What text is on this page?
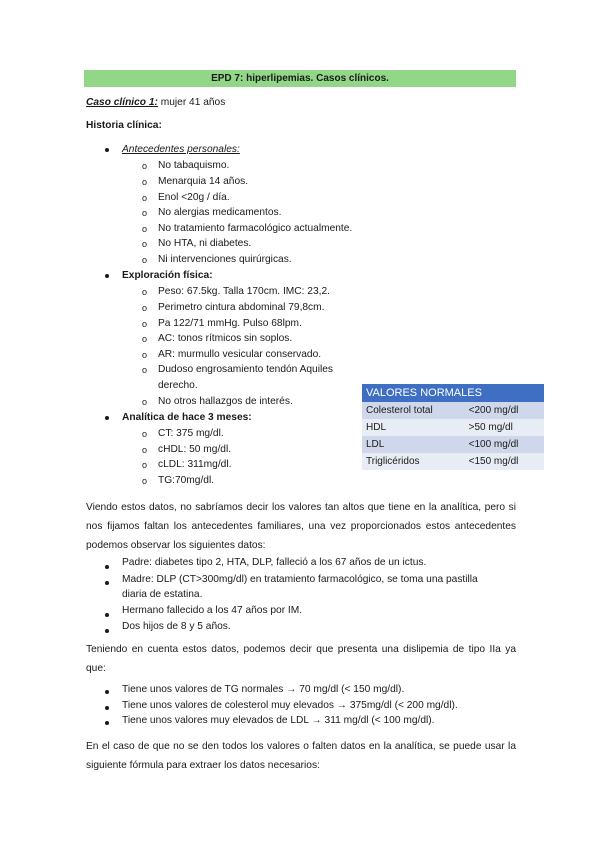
EPD 7: hiperlipemias. Casos clínicos.
Caso clínico 1: mujer 41 años
Historia clínica:
Antecedentes personales:
o No tabaquismo.
o Menarquia 14 años.
o Enol <20g / día.
o No alergias medicamentos.
o No tratamiento farmacológico actualmente.
o No HTA, ni diabetes.
o Ni intervenciones quirúrgicas.
Exploración física:
o Peso: 67.5kg. Talla 170cm. IMC: 23,2.
o Perimetro cintura abdominal 79,8cm.
o Pa 122/71 mmHg. Pulso 68lpm.
o AC: tonos rítmicos sin soplos.
o AR: murmullo vesicular conservado.
o Dudoso engrosamiento tendón Aquiles
derecho.
o No otros hallazgos de interés.
Analítica de hace 3 meses:
o CT: 375 mg/dl.
o cHDL: 50 mg/dl.
o cLDL: 311mg/dl.
o TG:70mg/dl.
VALORES NORMALES	
Colesterol total	<200 mg/dl
HDL	>50 mg/dl
LDL	<100 mg/dl
Triglicéridos	<150 mg/dl
Viendo estos datos, no sabríamos decir los valores tan altos que tiene en la analítica, pero si nos fijamos faltan los antecedentes familiares, una vez proporcionados estos antecedentes podemos observar los siguientes datos:
Padre: diabetes tipo 2, HTA, DLP, falleció a los 67 años de un ictus.
Madre: DLP (CT>300mg/dl) en tratamiento farmacológico, se toma una pastilla
diaria de estatina.
Hermano fallecido a los 47 años por IM.
Dos hijos de 8 y 5 años.
Teniendo en cuenta estos datos, podemos decir que presenta una dislipemia de tipo IIa ya que:
Tiene unos valores de TG normales → 70 mg/dl (< 150 mg/dl).
Tiene unos valores de colesterol muy elevados → 375mg/dl (< 200 mg/dl).
Tiene unos valores muy elevados de LDL → 311 mg/dl (< 100 mg/dl).
En el caso de que no se den todos los valores o falten datos en la analítica, se puede usar la siguiente fórmula para extraer los datos necesarios:
